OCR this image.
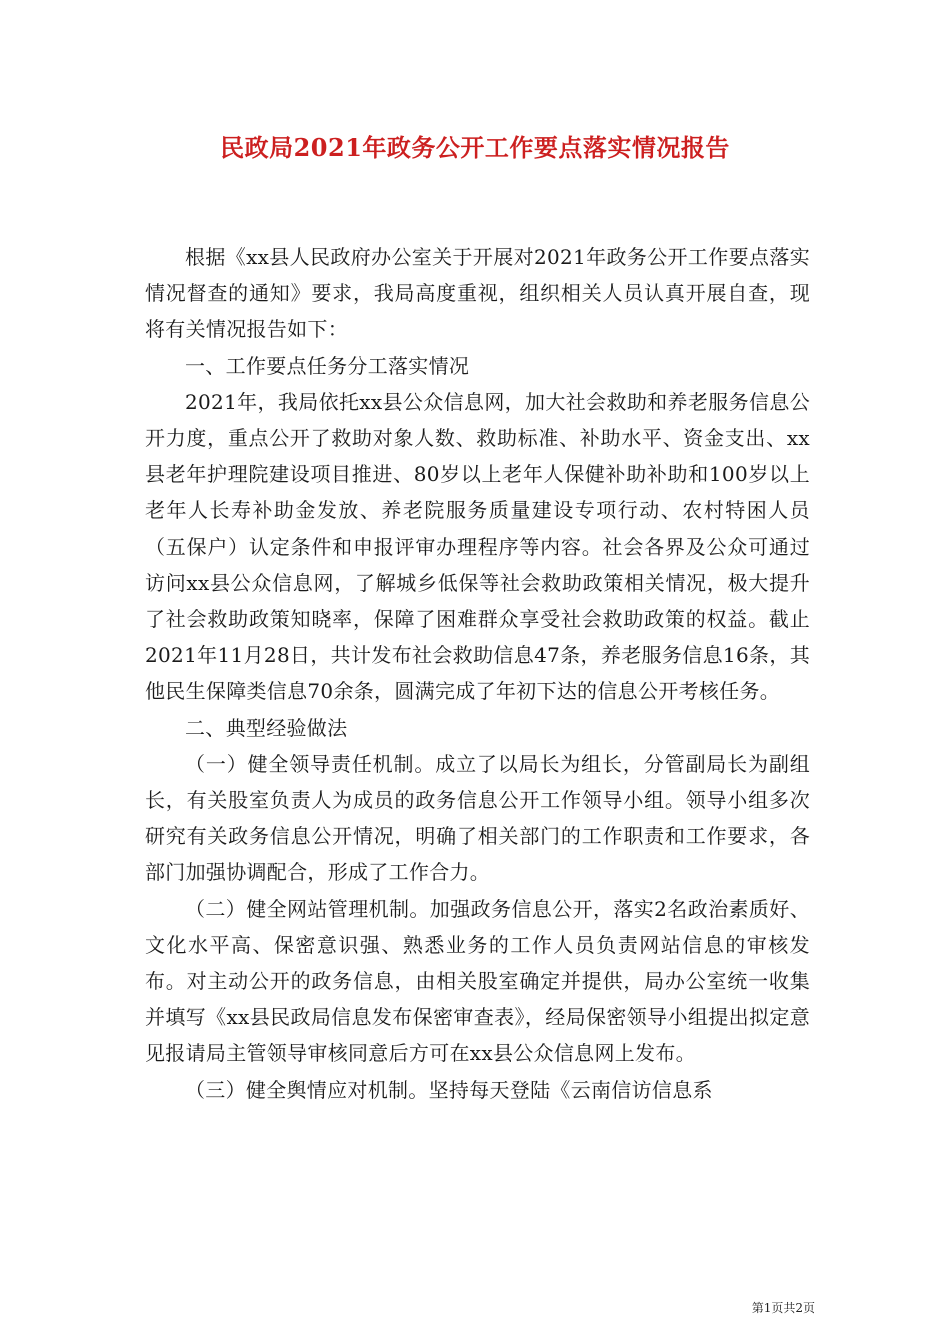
民政局2021年政务公开工作要点落实情况报告

根据《xx县人民政府办公室关于开展对2021年政务公开工作要点落实情况督查的通知》要求，我局高度重视，组织相关人员认真开展自查，现将有关情况报告如下：

一、工作要点任务分工落实情况

2021年，我局依托xx县公众信息网，加大社会救助和养老服务信息公开力度，重点公开了救助对象人数、救助标准、补助水平、资金支出、xx县老年护理院建设项目推进、80岁以上老年人保健补助补助和100岁以上老年人长寿补助金发放、养老院服务质量建设专项行动、农村特困人员（五保户）认定条件和申报评审办理程序等内容。社会各界及公众可通过访问xx县公众信息网，了解城乡低保等社会救助政策相关情况，极大提升了社会救助政策知晓率，保障了困难群众享受社会救助政策的权益。截止2021年11月28日，共计发布社会救助信息47条，养老服务信息16条，其他民生保障类信息70余条，圆满完成了年初下达的信息公开考核任务。

二、典型经验做法

（一）健全领导责任机制。成立了以局长为组长，分管副局长为副组长，有关股室负责人为成员的政务信息公开工作领导小组。领导小组多次研究有关政务信息公开情况，明确了相关部门的工作职责和工作要求，各部门加强协调配合，形成了工作合力。

（二）健全网站管理机制。加强政务信息公开，落实2名政治素质好、文化水平高、保密意识强、熟悉业务的工作人员负责网站信息的审核发布。对主动公开的政务信息，由相关股室确定并提供，局办公室统一收集并填写《xx县民政局信息发布保密审查表》，经局保密领导小组提出拟定意见报请局主管领导审核同意后方可在xx县公众信息网上发布。

（三）健全舆情应对机制。坚持每天登陆《云南信访信息系

第1页共2页
